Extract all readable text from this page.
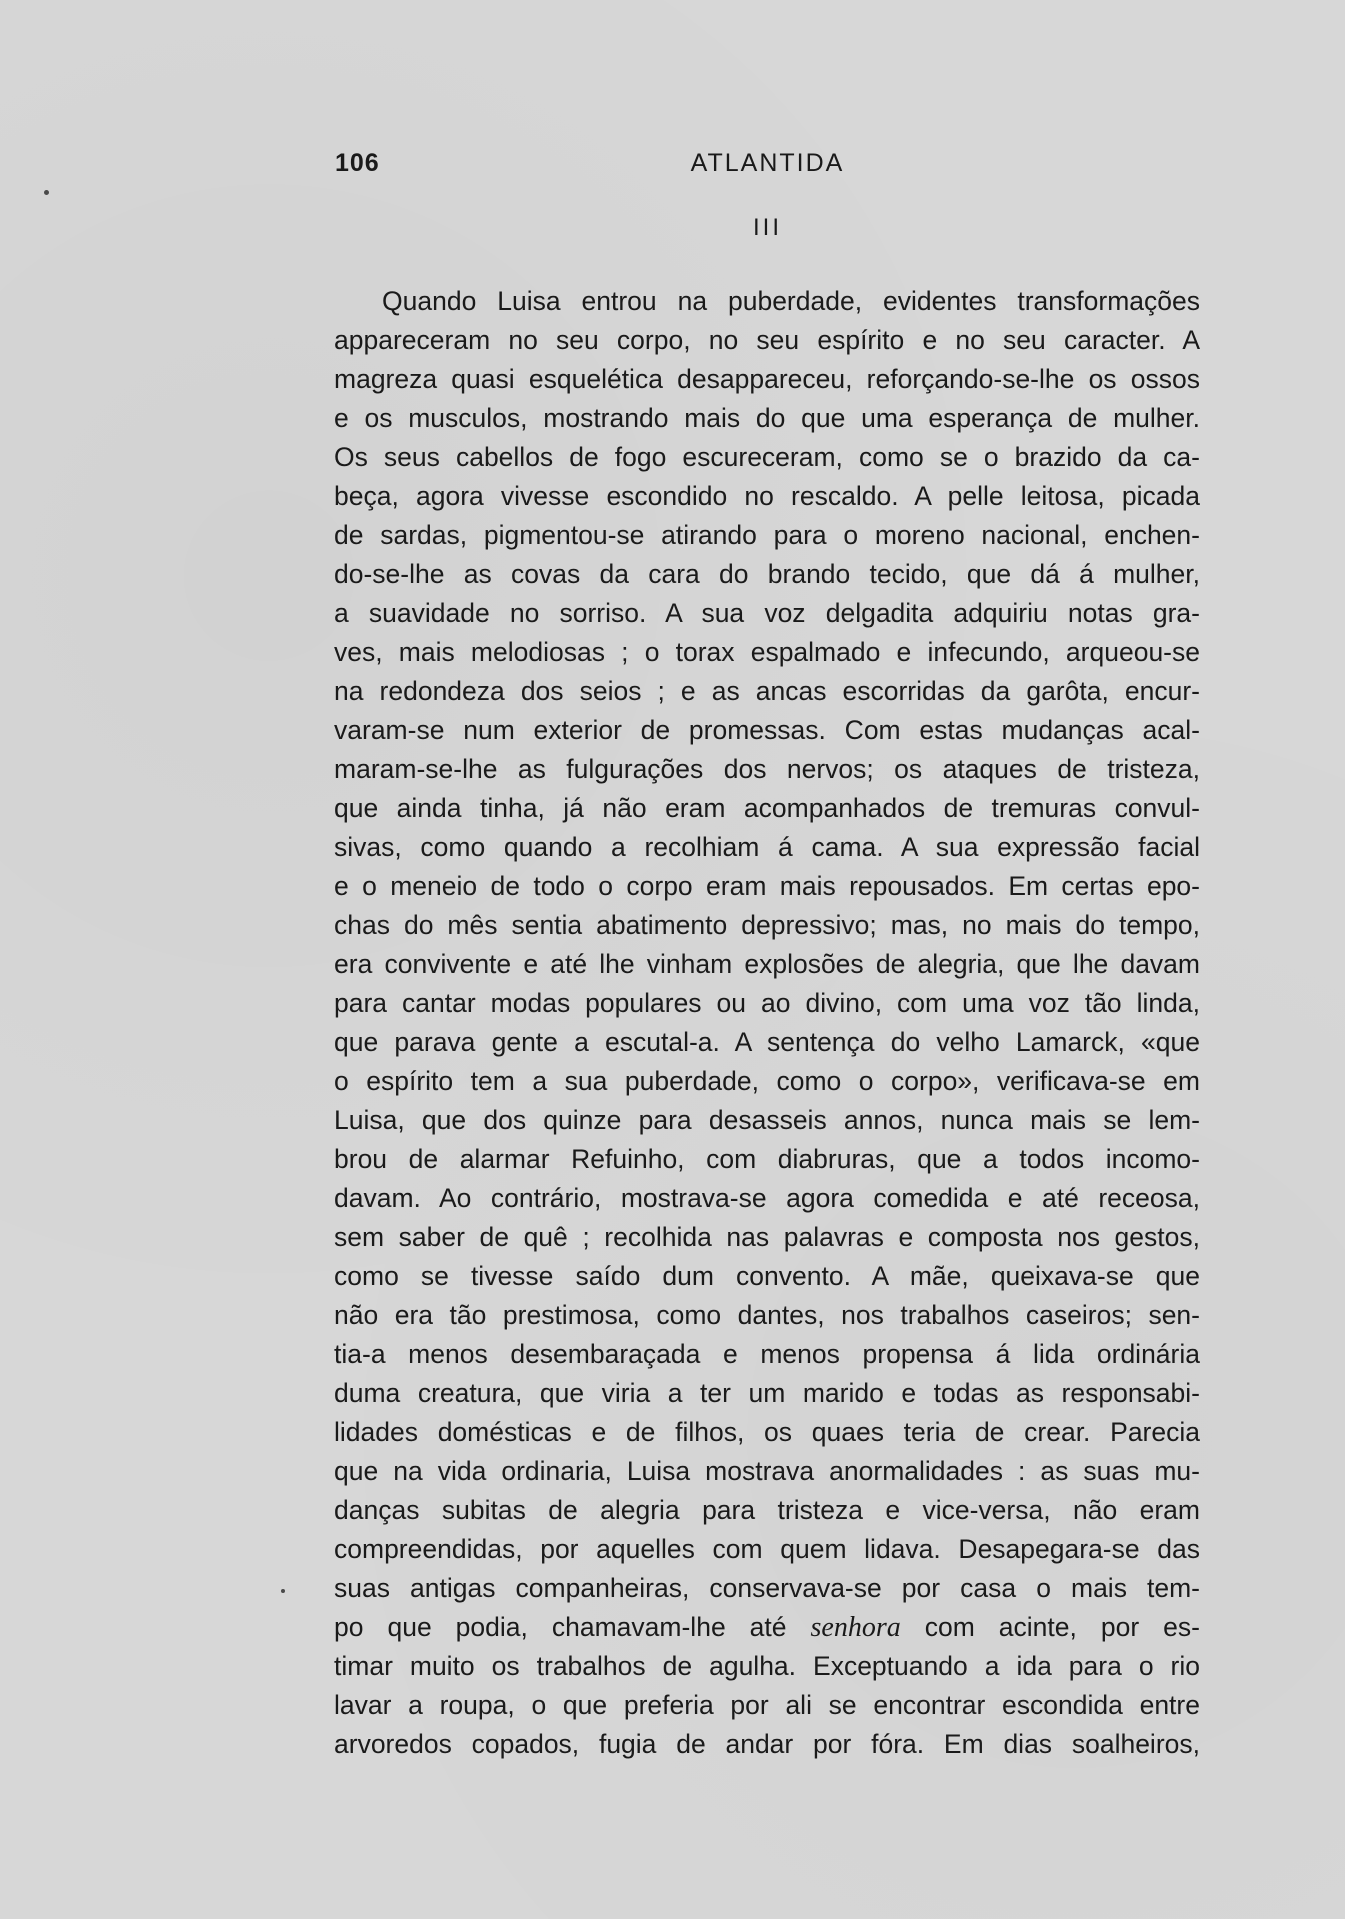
106	ATLANTIDA
III
Quando Luisa entrou na puberdade, evidentes transformações
appareceram no seu corpo, no seu espírito e no seu caracter. A
magreza quasi esquelética desappareceu, reforçando-se-lhe os ossos
e os musculos, mostrando mais do que uma esperança de mulher.
Os seus cabellos de fogo escureceram, como se o brazido da ca-
beça, agora vivesse escondido no rescaldo. A pelle leitosa, picada
de sardas, pigmentou-se atirando para o moreno nacional, enchen-
do-se-lhe as covas da cara do brando tecido, que dá á mulher,
a suavidade no sorriso. A sua voz delgadita adquiriu notas gra-
ves, mais melodiosas ; o torax espalmado e infecundo, arqueou-se
na redondeza dos seios ; e as ancas escorridas da garôta, encur-
varam-se num exterior de promessas. Com estas mudanças acal-
maram-se-lhe as fulgurações dos nervos; os ataques de tristeza,
que ainda tinha, já não eram acompanhados de tremuras convul-
sivas, como quando a recolhiam á cama. A sua expressão facial
e o meneio de todo o corpo eram mais repousados. Em certas epo-
chas do mês sentia abatimento depressivo; mas, no mais do tempo,
era convivente e até lhe vinham explosões de alegria, que lhe davam
para cantar modas populares ou ao divino, com uma voz tão linda,
que parava gente a escutal-a. A sentença do velho Lamarck, «que
o espírito tem a sua puberdade, como o corpo», verificava-se em
Luisa, que dos quinze para desasseis annos, nunca mais se lem-
brou de alarmar Refuinho, com diabruras, que a todos incomo-
davam. Ao contrário, mostrava-se agora comedida e até receosa,
sem saber de quê ; recolhida nas palavras e composta nos gestos,
como se tivesse saído dum convento. A mãe, queixava-se que
não era tão prestimosa, como dantes, nos trabalhos caseiros; sen-
tia-a menos desembaraçada e menos propensa á lida ordinária
duma creatura, que viria a ter um marido e todas as responsabi-
lidades domésticas e de filhos, os quaes teria de crear. Parecia
que na vida ordinaria, Luisa mostrava anormalidades : as suas mu-
danças subitas de alegria para tristeza e vice-versa, não eram
compreendidas, por aquelles com quem lidava. Desapegara-se das
suas antigas companheiras, conservava-se por casa o mais tem-
po que podia, chamavam-lhe até senhora com acinte, por es-
timar muito os trabalhos de agulha. Exceptuando a ida para o rio
lavar a roupa, o que preferia por ali se encontrar escondida entre
arvoredos copados, fugia de andar por fóra. Em dias soalheiros,
